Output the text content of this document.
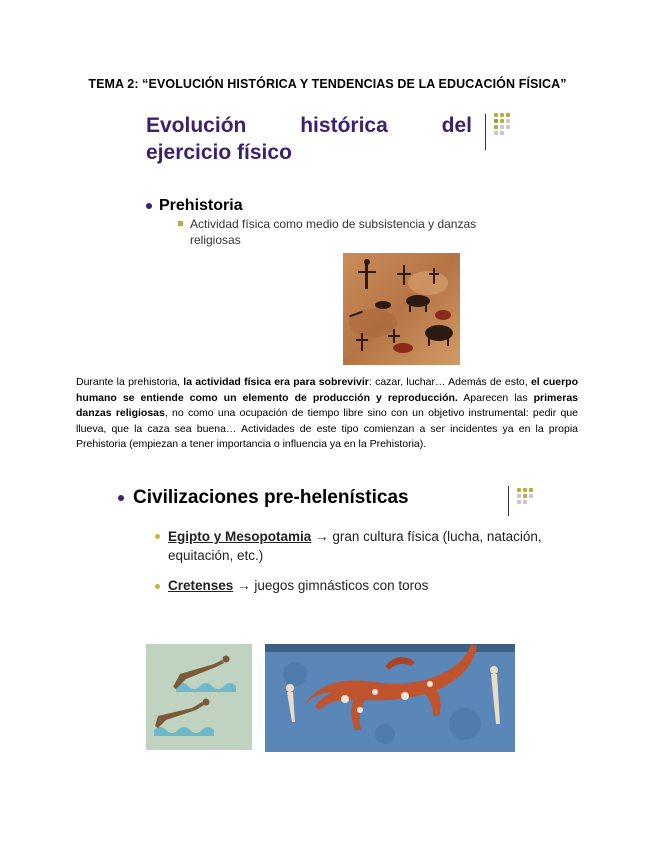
TEMA 2: “EVOLUCIÓN HISTÓRICA Y TENDENCIAS DE LA EDUCACIÓN FÍSICA”
Evolución	histórica	del
ejercicio físico
Prehistoria
Actividad física como medio de subsistencia y danzas religiosas
Durante la prehistoria, la actividad física era para sobrevivir: cazar, luchar… Además de esto, el cuerpo humano se entiende como un elemento de producción y reproducción. Aparecen las primeras danzas religiosas, no como una ocupación de tiempo libre sino con un objetivo instrumental: pedir que llueva, que la caza sea buena… Actividades de este tipo comienzan a ser incidentes ya en la propia Prehistoria (empiezan a tener importancia o influencia ya en la Prehistoria).
Civilizaciones pre-helenísticas
Egipto y Mesopotamia → gran cultura física (lucha, natación, equitación, etc.)
Cretenses → juegos gimnásticos con toros
